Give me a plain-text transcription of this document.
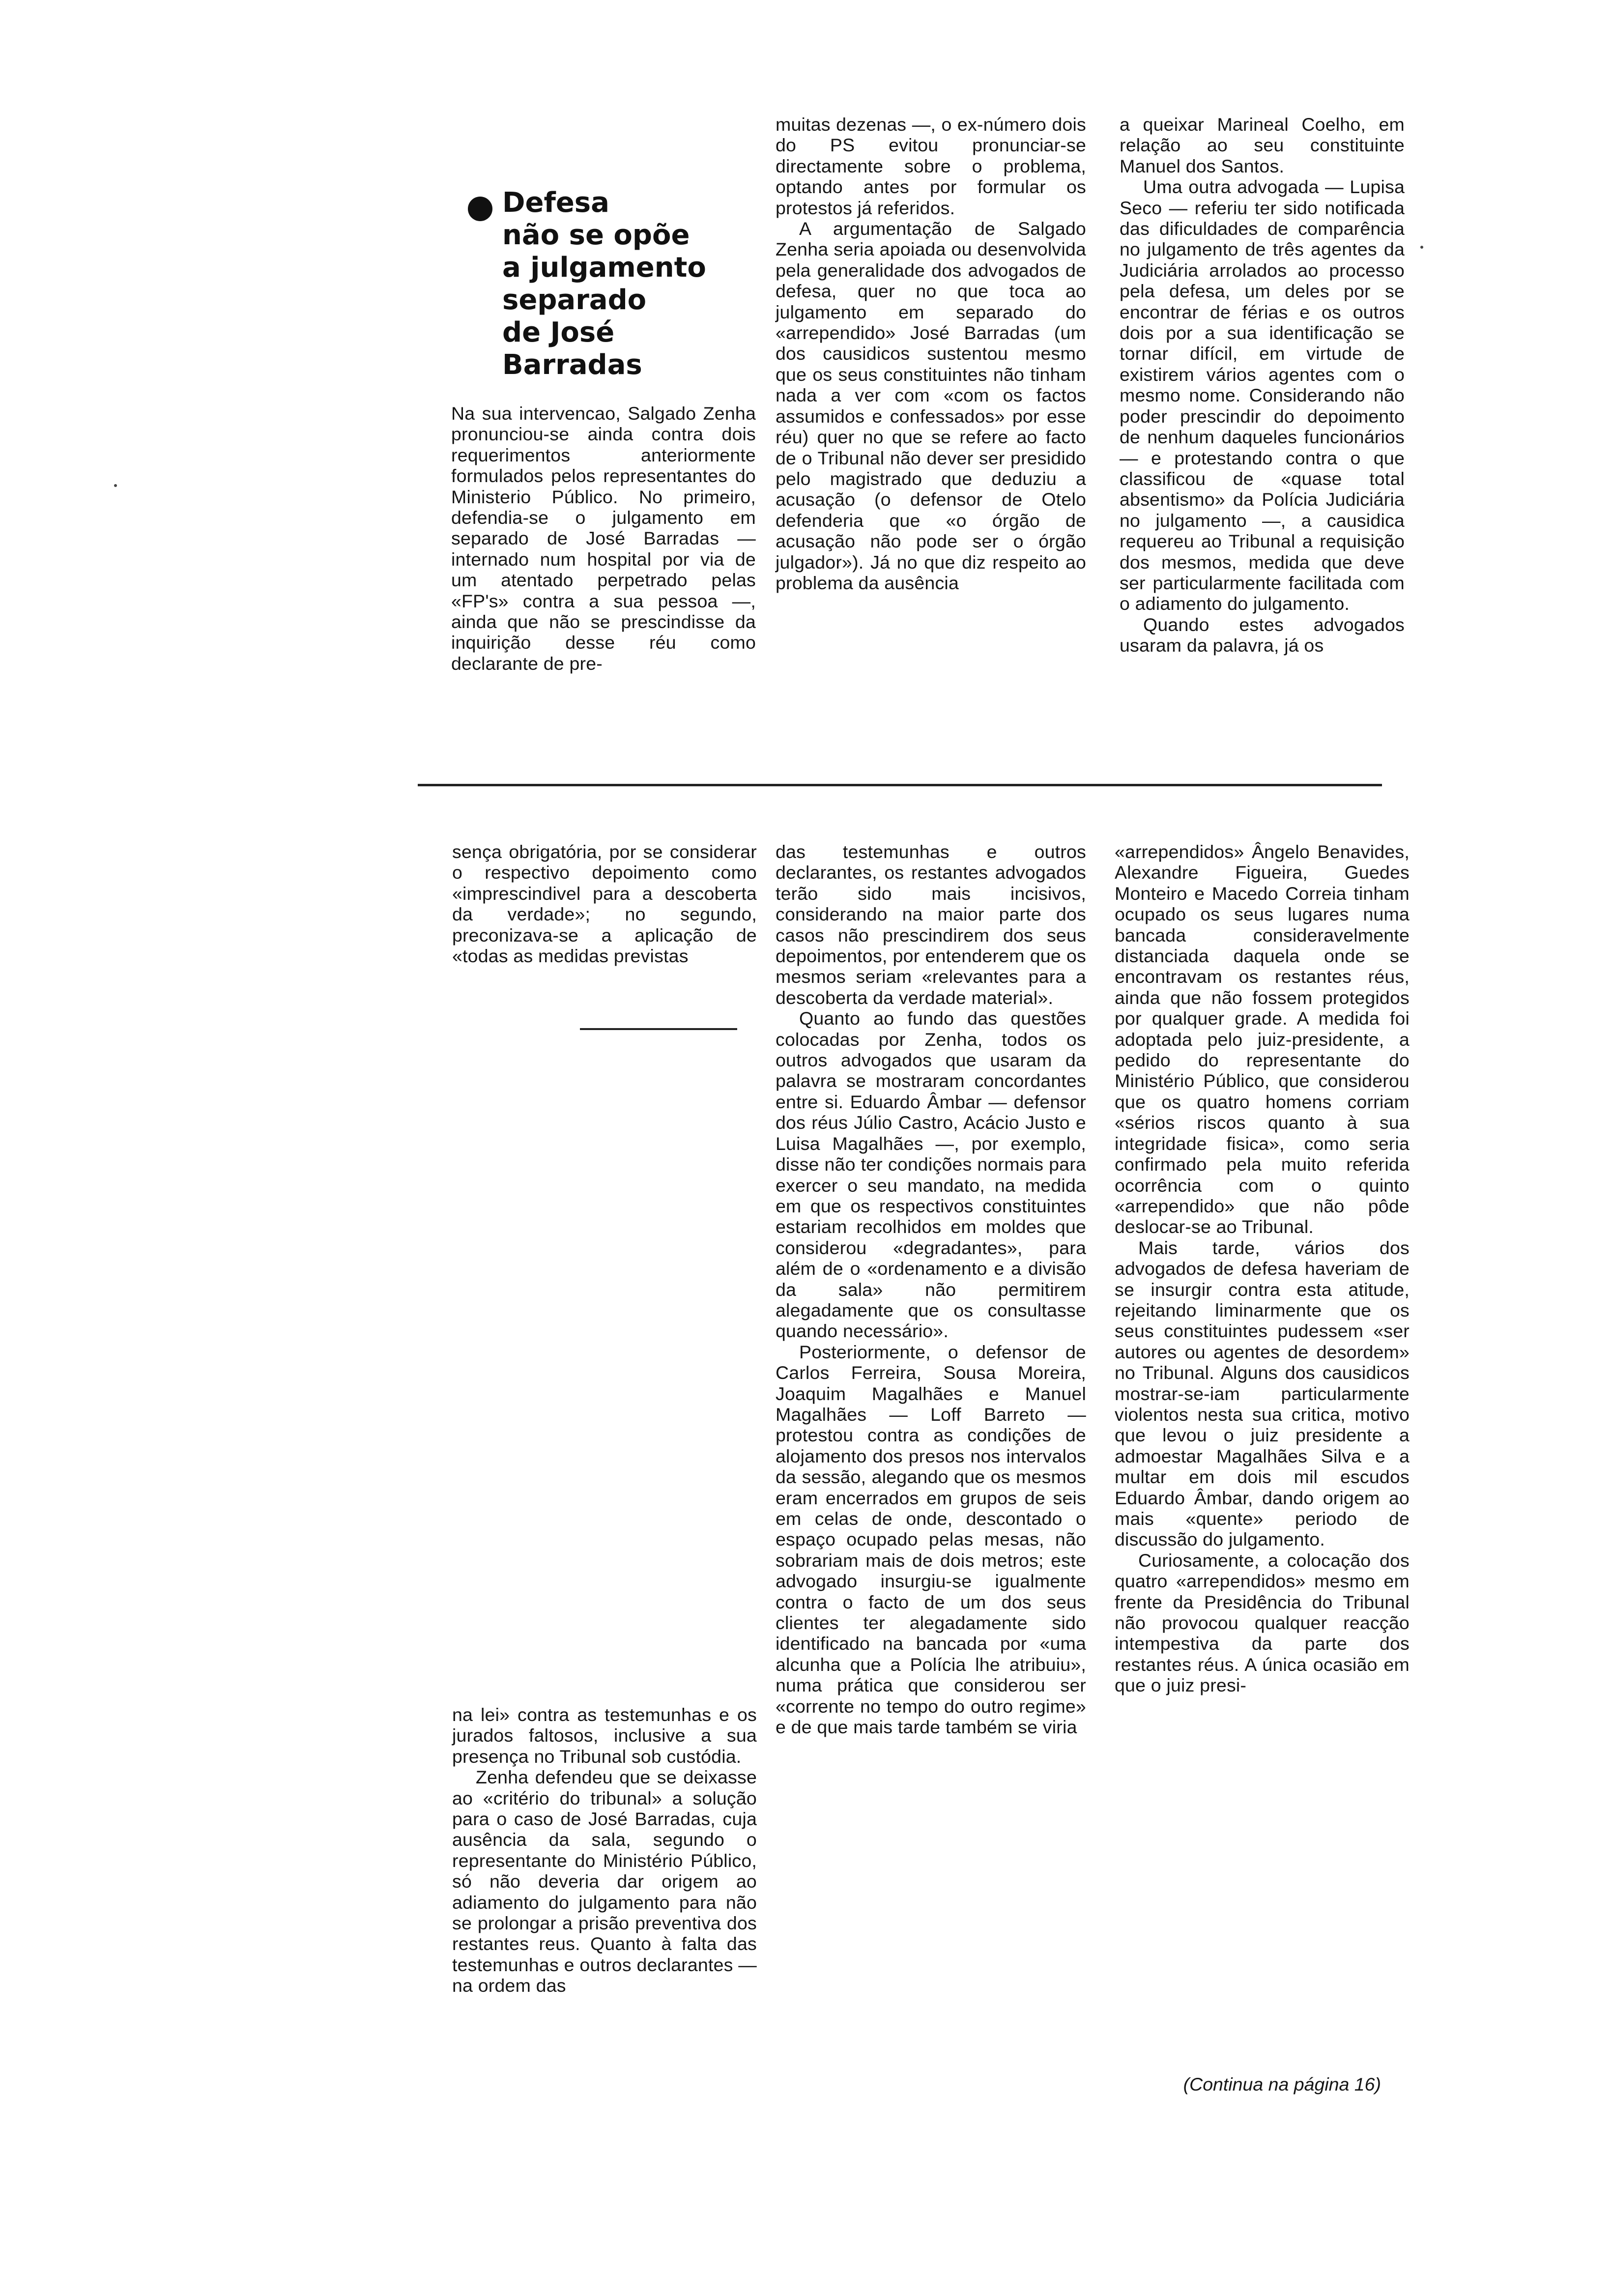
Defesa
não se opõe
a julgamento
separado
de José
Barradas

Na sua intervencao, Salgado Zenha pronunciou-se ainda contra dois requerimentos anteriormente formulados pelos representantes do Ministerio Público. No primeiro, defendia-se o julgamento em separado de José Barradas — internado num hospital por via de um atentado perpetrado pelas «FP's» contra a sua pessoa —, ainda que não se prescindisse da inquirição desse réu como declarante de pre-

muitas dezenas —, o ex-número dois do PS evitou pronunciar-se directamente sobre o problema, optando antes por formular os protestos já referidos.

A argumentação de Salgado Zenha seria apoiada ou desenvolvida pela generalidade dos advogados de defesa, quer no que toca ao julgamento em separado do «arrependido» José Barradas (um dos causidicos sustentou mesmo que os seus constituintes não tinham nada a ver com «com os factos assumidos e confessados» por esse réu) quer no que se refere ao facto de o Tribunal não dever ser presidido pelo magistrado que deduziu a acusação (o defensor de Otelo defenderia que «o órgão de acusação não pode ser o órgão julgador»). Já no que diz respeito ao problema da ausência

a queixar Marineal Coelho, em relação ao seu constituinte Manuel dos Santos.

Uma outra advogada — Lupisa Seco — referiu ter sido notificada das dificuldades de comparência no julgamento de três agentes da Judiciária arrolados ao processo pela defesa, um deles por se encontrar de férias e os outros dois por a sua identificação se tornar difícil, em virtude de existirem vários agentes com o mesmo nome. Considerando não poder prescindir do depoimento de nenhum daqueles funcionários — e protestando contra o que classificou de «quase total absentismo» da Polícia Judiciária no julgamento —, a causidica requereu ao Tribunal a requisição dos mesmos, medida que deve ser particularmente facilitada com o adiamento do julgamento.

Quando estes advogados usaram da palavra, já os

sença obrigatória, por se considerar o respectivo depoimento como «imprescindivel para a descoberta da verdade»; no segundo, preconizava-se a aplicação de «todas as medidas previstas

na lei» contra as testemunhas e os jurados faltosos, inclusive a sua presença no Tribunal sob custódia.

Zenha defendeu que se deixasse ao «critério do tribunal» a solução para o caso de José Barradas, cuja ausência da sala, segundo o representante do Ministério Público, só não deveria dar origem ao adiamento do julgamento para não se prolongar a prisão preventiva dos restantes reus. Quanto à falta das testemunhas e outros declarantes — na ordem das

das testemunhas e outros declarantes, os restantes advogados terão sido mais incisivos, considerando na maior parte dos casos não prescindirem dos seus depoimentos, por entenderem que os mesmos seriam «relevantes para a descoberta da verdade material».

Quanto ao fundo das questões colocadas por Zenha, todos os outros advogados que usaram da palavra se mostraram concordantes entre si. Eduardo Âmbar — defensor dos réus Júlio Castro, Acácio Justo e Luisa Magalhães —, por exemplo, disse não ter condições normais para exercer o seu mandato, na medida em que os respectivos constituintes estariam recolhidos em moldes que considerou «degradantes», para além de o «ordenamento e a divisão da sala» não permitirem alegadamente que os consultasse quando necessário».

Posteriormente, o defensor de Carlos Ferreira, Sousa Moreira, Joaquim Magalhães e Manuel Magalhães — Loff Barreto — protestou contra as condições de alojamento dos presos nos intervalos da sessão, alegando que os mesmos eram encerrados em grupos de seis em celas de onde, descontado o espaço ocupado pelas mesas, não sobrariam mais de dois metros; este advogado insurgiu-se igualmente contra o facto de um dos seus clientes ter alegadamente sido identificado na bancada por «uma alcunha que a Polícia lhe atribuiu», numa prática que considerou ser «corrente no tempo do outro regime» e de que mais tarde também se viria

«arrependidos» Ângelo Benavides, Alexandre Figueira, Guedes Monteiro e Macedo Correia tinham ocupado os seus lugares numa bancada consideravelmente distanciada daquela onde se encontravam os restantes réus, ainda que não fossem protegidos por qualquer grade. A medida foi adoptada pelo juiz-presidente, a pedido do representante do Ministério Público, que considerou que os quatro homens corriam «sérios riscos quanto à sua integridade fisica», como seria confirmado pela muito referida ocorrência com o quinto «arrependido» que não pôde deslocar-se ao Tribunal.

Mais tarde, vários dos advogados de defesa haveriam de se insurgir contra esta atitude, rejeitando liminarmente que os seus constituintes pudessem «ser autores ou agentes de desordem» no Tribunal. Alguns dos causidicos mostrar-se-iam particularmente violentos nesta sua critica, motivo que levou o juiz presidente a admoestar Magalhães Silva e a multar em dois mil escudos Eduardo Âmbar, dando origem ao mais «quente» periodo de discussão do julgamento.

Curiosamente, a colocação dos quatro «arrependidos» mesmo em frente da Presidência do Tribunal não provocou qualquer reacção intempestiva da parte dos restantes réus. A única ocasião em que o juiz presi-

(Continua na página 16)
